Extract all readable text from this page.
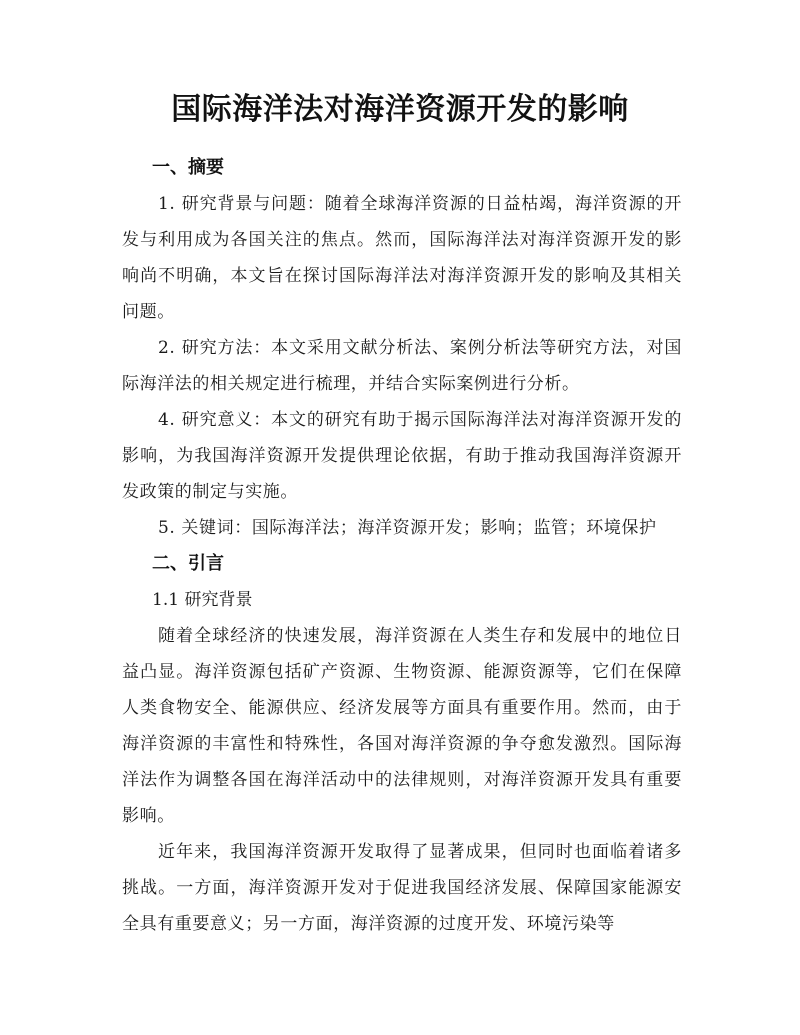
国际海洋法对海洋资源开发的影响

一、摘要

1. 研究背景与问题：随着全球海洋资源的日益枯竭，海洋资源的开发与利用成为各国关注的焦点。然而，国际海洋法对海洋资源开发的影响尚不明确，本文旨在探讨国际海洋法对海洋资源开发的影响及其相关问题。

2. 研究方法：本文采用文献分析法、案例分析法等研究方法，对国际海洋法的相关规定进行梳理，并结合实际案例进行分析。

4. 研究意义：本文的研究有助于揭示国际海洋法对海洋资源开发的影响，为我国海洋资源开发提供理论依据，有助于推动我国海洋资源开发政策的制定与实施。

5. 关键词：国际海洋法；海洋资源开发；影响；监管；环境保护

二、引言

1.1 研究背景

随着全球经济的快速发展，海洋资源在人类生存和发展中的地位日益凸显。海洋资源包括矿产资源、生物资源、能源资源等，它们在保障人类食物安全、能源供应、经济发展等方面具有重要作用。然而，由于海洋资源的丰富性和特殊性，各国对海洋资源的争夺愈发激烈。国际海洋法作为调整各国在海洋活动中的法律规则，对海洋资源开发具有重要影响。

近年来，我国海洋资源开发取得了显著成果，但同时也面临着诸多挑战。一方面，海洋资源开发对于促进我国经济发展、保障国家能源安全具有重要意义；另一方面，海洋资源的过度开发、环境污染等
